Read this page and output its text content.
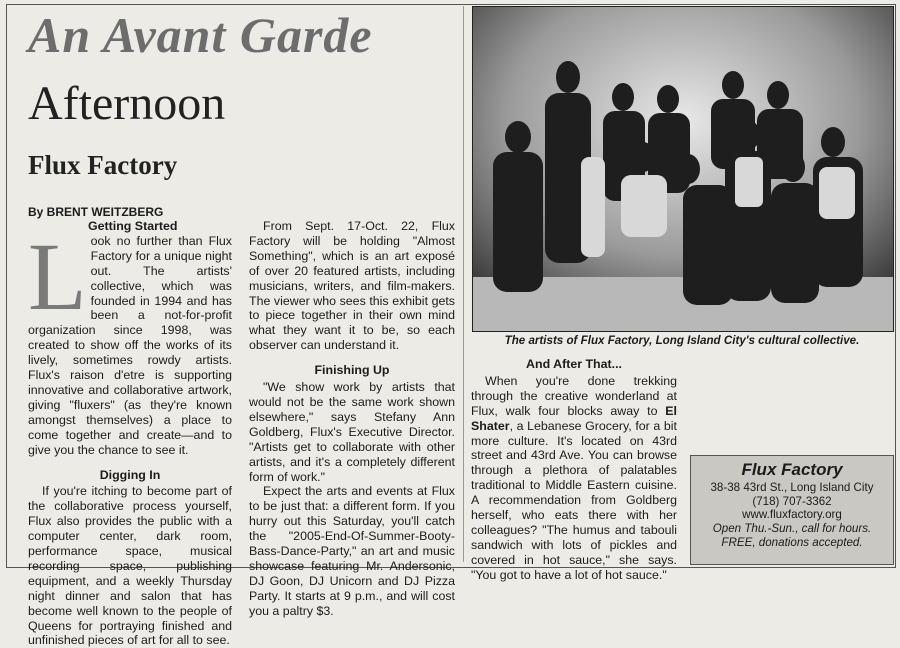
An Avant Garde
Afternoon
Flux Factory
By BRENT WEITZBERG
Getting Started
L ook no further than Flux Factory for a unique night out. The artists' collective, which was founded in 1994 and has been a not-for-profit organization since 1998, was created to show off the works of its lively, sometimes rowdy artists. Flux's raison d'etre is supporting innovative and collaborative artwork, giving "fluxers" (as they're known amongst themselves) a place to come together and create—and to give you the chance to see it.

Digging In

If you're itching to become part of the collaborative process yourself, Flux also provides the public with a computer center, dark room, performance space, musical recording space, publishing equipment, and a weekly Thursday night dinner and salon that has become well known to the people of Queens for portraying finished and unfinished pieces of art for all to see.

From Sept. 17-Oct. 22, Flux Factory will be holding "Almost Something", which is an art exposé of over 20 featured artists, including musicians, writers, and film-makers. The viewer who sees this exhibit gets to piece together in their own mind what they want it to be, so each observer can understand it.

Finishing Up

"We show work by artists that would not be the same work shown elsewhere," says Stefany Ann Goldberg, Flux's Executive Director. "Artists get to collaborate with other artists, and it's a completely different form of work."

Expect the arts and events at Flux to be just that: a different form. If you hurry out this Saturday, you'll catch the "2005-End-Of-Summer-Booty-Bass-Dance-Party," an art and music showcase featuring Mr. Andersonic, DJ Goon, DJ Unicorn and DJ Pizza Party. It starts at 9 p.m., and will cost you a paltry $3.

And After That...

When you're done trekking through the creative wonderland at Flux, walk four blocks away to El Shater, a Lebanese Grocery, for a bit more culture. It's located on 43rd street and 43rd Ave. You can browse through a plethora of palatables traditional to Middle Eastern cuisine. A recommendation from Goldberg herself, who eats there with her colleagues? "The humus and tabouli sandwich with lots of pickles and covered in hot sauce," she says. "You got to have a lot of hot sauce."

The artists of Flux Factory, Long Island City's cultural collective.
Flux Factory
38-38 43rd St., Long Island City
(718) 707-3362
www.fluxfactory.org
Open Thu.-Sun., call for hours.
FREE, donations accepted.
